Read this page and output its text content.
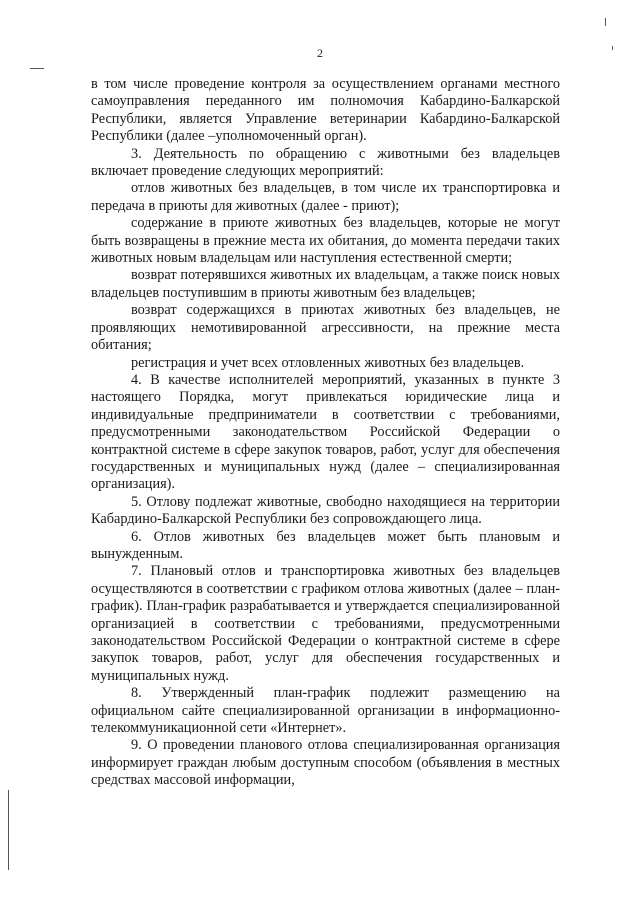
2

в том числе проведение контроля за осуществлением органами местного самоуправления переданного им полномочия Кабардино-Балкарской Республики, является Управление ветеринарии Кабардино-Балкарской Республики (далее –уполномоченный орган).

3. Деятельность по обращению с животными без владельцев включает проведение следующих мероприятий:

отлов животных без владельцев, в том числе их транспортировка и передача в приюты для животных (далее - приют);

содержание в приюте животных без владельцев, которые не могут быть возвращены в прежние места их обитания, до момента передачи таких животных новым владельцам или наступления естественной смерти;

возврат потерявшихся животных их владельцам, а также поиск новых владельцев поступившим в приюты животным без владельцев;

возврат содержащихся в приютах животных без владельцев, не проявляющих немотивированной агрессивности, на прежние места обитания;

регистрация и учет всех отловленных животных без владельцев.

4. В качестве исполнителей мероприятий, указанных в пункте 3 настоящего Порядка, могут привлекаться юридические лица и индивидуальные предприниматели в соответствии с требованиями, предусмотренными законодательством Российской Федерации о контрактной системе в сфере закупок товаров, работ, услуг для обеспечения государственных и муниципальных нужд (далее – специализированная организация).

5. Отлову подлежат животные, свободно находящиеся на территории Кабардино-Балкарской Республики без сопровождающего лица.

6. Отлов животных без владельцев может быть плановым и вынужденным.

7. Плановый отлов и транспортировка животных без владельцев осуществляются в соответствии с графиком отлова животных (далее – план-график). План-график разрабатывается и утверждается специализированной организацией в соответствии с требованиями, предусмотренными законодательством Российской Федерации о контрактной системе в сфере закупок товаров, работ, услуг для обеспечения государственных и муниципальных нужд.

8. Утвержденный план-график подлежит размещению на официальном сайте специализированной организации в информационно-телекоммуникационной сети «Интернет».

9. О проведении планового отлова специализированная организация информирует граждан любым доступным способом (объявления в местных средствах массовой информации,
